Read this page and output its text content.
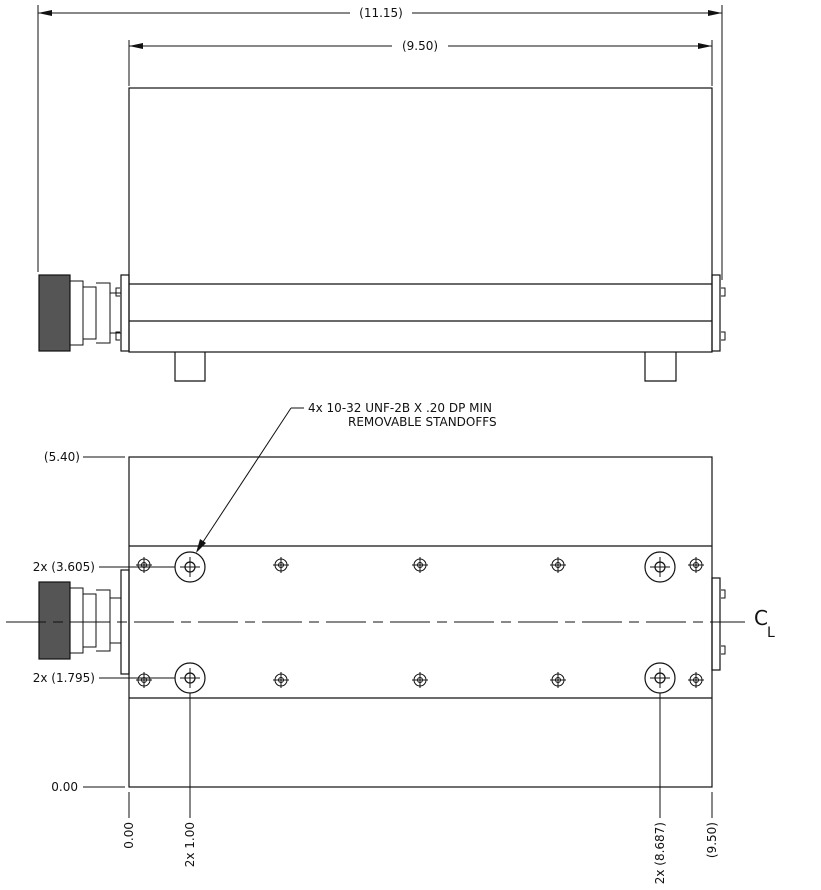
(11.15)
(9.50)
4x 10-32 UNF-2B X .20 DP MIN
REMOVABLE STANDOFFS
C
L
(5.40)
2x (3.605)
2x (1.795)
0.00
0.00	2x 1.00	2x (8.687)	(9.50)
